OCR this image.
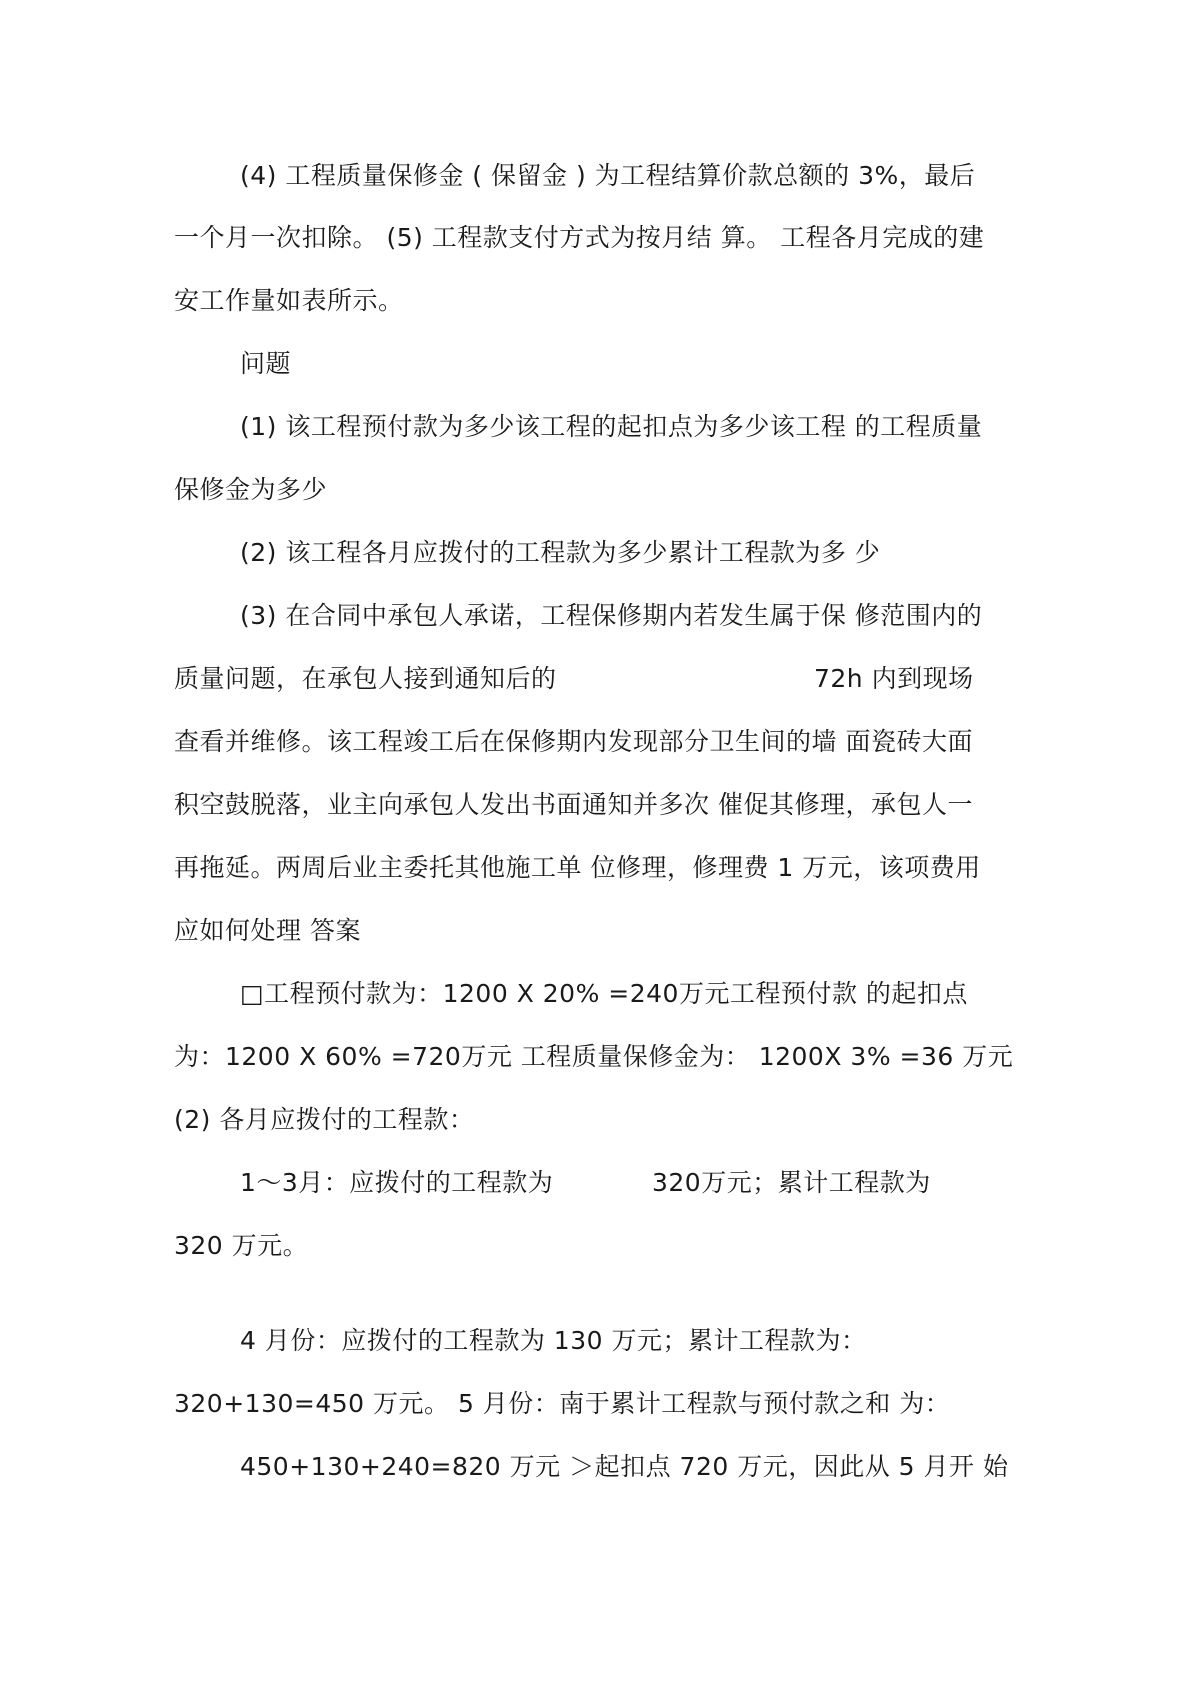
(4) 工程质量保修金 ( 保留金 ) 为工程结算价款总额的 3%，最后
一个月一次扣除。 (5) 工程款支付方式为按月结 算。 工程各月完成的建
安工作量如表所示。
问题
(1) 该工程预付款为多少该工程的起扣点为多少该工程 的工程质量
保修金为多少
(2) 该工程各月应拨付的工程款为多少累计工程款为多 少
(3) 在合同中承包人承诺，工程保修期内若发生属于保 修范围内的
质量问题，在承包人接到通知后的	72h 内到现场
查看并维修。该工程竣工后在保修期内发现部分卫生间的墙 面瓷砖大面
积空鼓脱落，业主向承包人发出书面通知并多次 催促其修理，承包人一
再拖延。两周后业主委托其他施工单 位修理，修理费 1 万元，该项费用
应如何处理 答案
□工程预付款为：1200 X 20% =240万元工程预付款 的起扣点
为：1200 X 60% =720万元 工程质量保修金为： 1200X 3% =36 万元
(2) 各月应拨付的工程款：
1～3月：应拨付的工程款为	320万元；累计工程款为
320 万元。
4 月份：应拨付的工程款为 130 万元；累计工程款为：
320+130=450 万元。 5 月份：南于累计工程款与预付款之和 为：
450+130+240=820 万元 ＞起扣点 720 万元，因此从 5 月开 始
